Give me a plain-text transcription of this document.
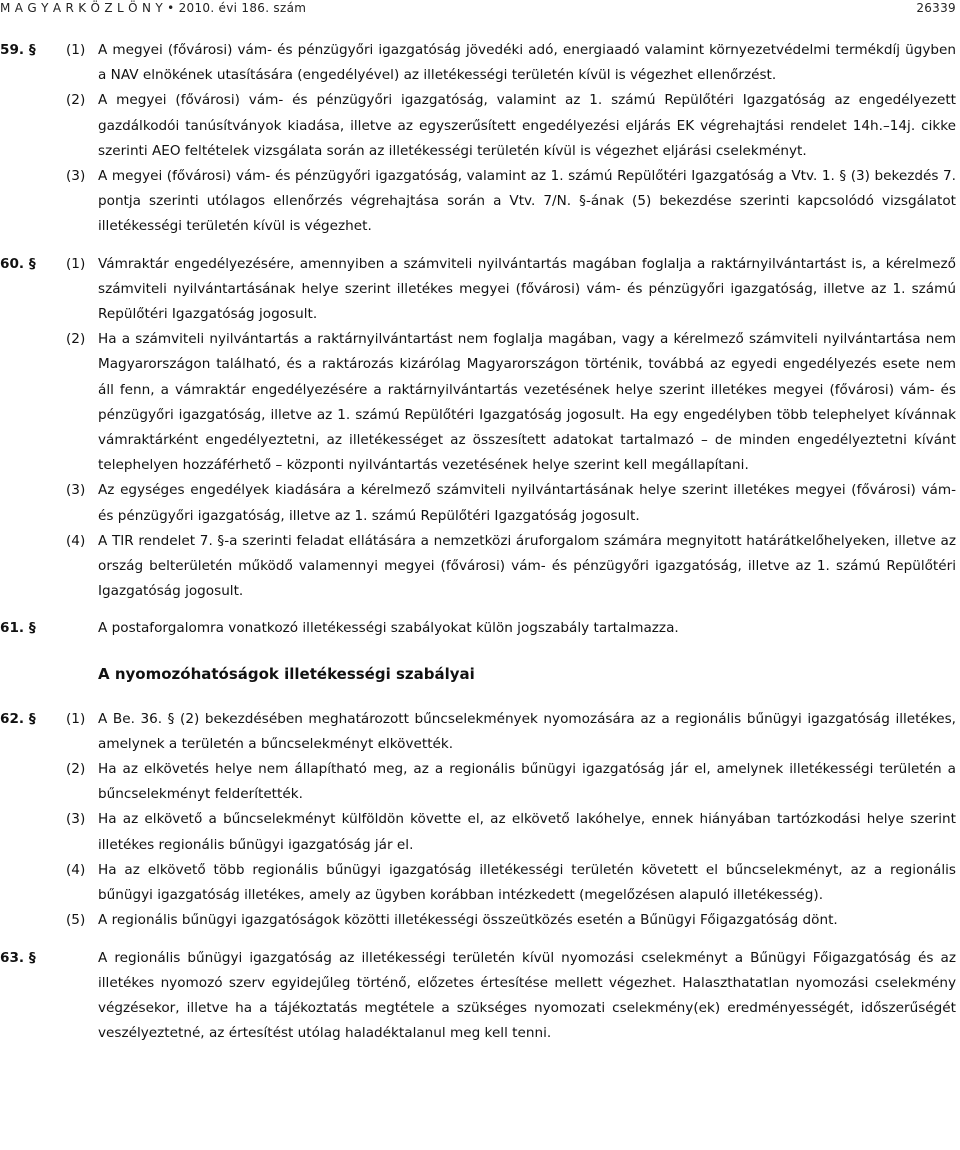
M A G Y A R K Ö Z L Ö N Y • 2010. évi 186. szám	26339
59. § (1) A megyei (fővárosi) vám- és pénzügyőri igazgatóság jövedéki adó, energiaadó valamint környezetvédelmi termékdíj ügyben a NAV elnökének utasítására (engedélyével) az illetékességi területén kívül is végezhet ellenőrzést.
(2) A megyei (fővárosi) vám- és pénzügyőri igazgatóság, valamint az 1. számú Repülőtéri Igazgatóság az engedélyezett gazdálkodói tanúsítványok kiadása, illetve az egyszerűsített engedélyezési eljárás EK végrehajtási rendelet 14h.–14j. cikke szerinti AEO feltételek vizsgálata során az illetékességi területén kívül is végezhet eljárási cselekményt.
(3) A megyei (fővárosi) vám- és pénzügyőri igazgatóság, valamint az 1. számú Repülőtéri Igazgatóság a Vtv. 1. § (3) bekezdés 7. pontja szerinti utólagos ellenőrzés végrehajtása során a Vtv. 7/N. §-ának (5) bekezdése szerinti kapcsolódó vizsgálatot illetékességi területén kívül is végezhet.
60. § (1) Vámraktár engedélyezésére, amennyiben a számviteli nyilvántartás magában foglalja a raktárnyilvántartást is, a kérelmező számviteli nyilvántartásának helye szerint illetékes megyei (fővárosi) vám- és pénzügyőri igazgatóság, illetve az 1. számú Repülőtéri Igazgatóság jogosult.
(2) Ha a számviteli nyilvántartás a raktárnyilvántartást nem foglalja magában, vagy a kérelmező számviteli nyilvántartása nem Magyarországon található, és a raktározás kizárólag Magyarországon történik, továbbá az egyedi engedélyezés esete nem áll fenn, a vámraktár engedélyezésére a raktárnyilvántartás vezetésének helye szerint illetékes megyei (fővárosi) vám- és pénzügyőri igazgatóság, illetve az 1. számú Repülőtéri Igazgatóság jogosult. Ha egy engedélyben több telephelyet kívánnak vámraktárként engedélyeztetni, az illetékességet az összesített adatokat tartalmazó – de minden engedélyeztetni kívánt telephelyen hozzáférhető – központi nyilvántartás vezetésének helye szerint kell megállapítani.
(3) Az egységes engedélyek kiadására a kérelmező számviteli nyilvántartásának helye szerint illetékes megyei (fővárosi) vám- és pénzügyőri igazgatóság, illetve az 1. számú Repülőtéri Igazgatóság jogosult.
(4) A TIR rendelet 7. §-a szerinti feladat ellátására a nemzetközi áruforgalom számára megnyitott határátkelőhelyeken, illetve az ország belterületén működő valamennyi megyei (fővárosi) vám- és pénzügyőri igazgatóság, illetve az 1. számú Repülőtéri Igazgatóság jogosult.
61. §	A postaforgalomra vonatkozó illetékességi szabályokat külön jogszabály tartalmazza.
A nyomozóhatóságok illetékességi szabályai
62. § (1) A Be. 36. § (2) bekezdésében meghatározott bűncselekmények nyomozására az a regionális bűnügyi igazgatóság illetékes, amelynek a területén a bűncselekményt elkövették.
(2) Ha az elkövetés helye nem állapítható meg, az a regionális bűnügyi igazgatóság jár el, amelynek illetékességi területén a bűncselekményt felderítették.
(3) Ha az elkövető a bűncselekményt külföldön követte el, az elkövető lakóhelye, ennek hiányában tartózkodási helye szerint illetékes regionális bűnügyi igazgatóság jár el.
(4) Ha az elkövető több regionális bűnügyi igazgatóság illetékességi területén követett el bűncselekményt, az a regionális bűnügyi igazgatóság illetékes, amely az ügyben korábban intézkedett (megelőzésen alapuló illetékesség).
(5) A regionális bűnügyi igazgatóságok közötti illetékességi összeütközés esetén a Bűnügyi Főigazgatóság dönt.
63. §	A regionális bűnügyi igazgatóság az illetékességi területén kívül nyomozási cselekményt a Bűnügyi Főigazgatóság és az illetékes nyomozó szerv egyidejűleg történő, előzetes értesítése mellett végezhet. Halaszthatatlan nyomozási cselekmény végzésekor, illetve ha a tájékoztatás megtétele a szükséges nyomozati cselekmény(ek) eredményességét, időszerűségét veszélyeztetné, az értesítést utólag haladéktalanul meg kell tenni.
